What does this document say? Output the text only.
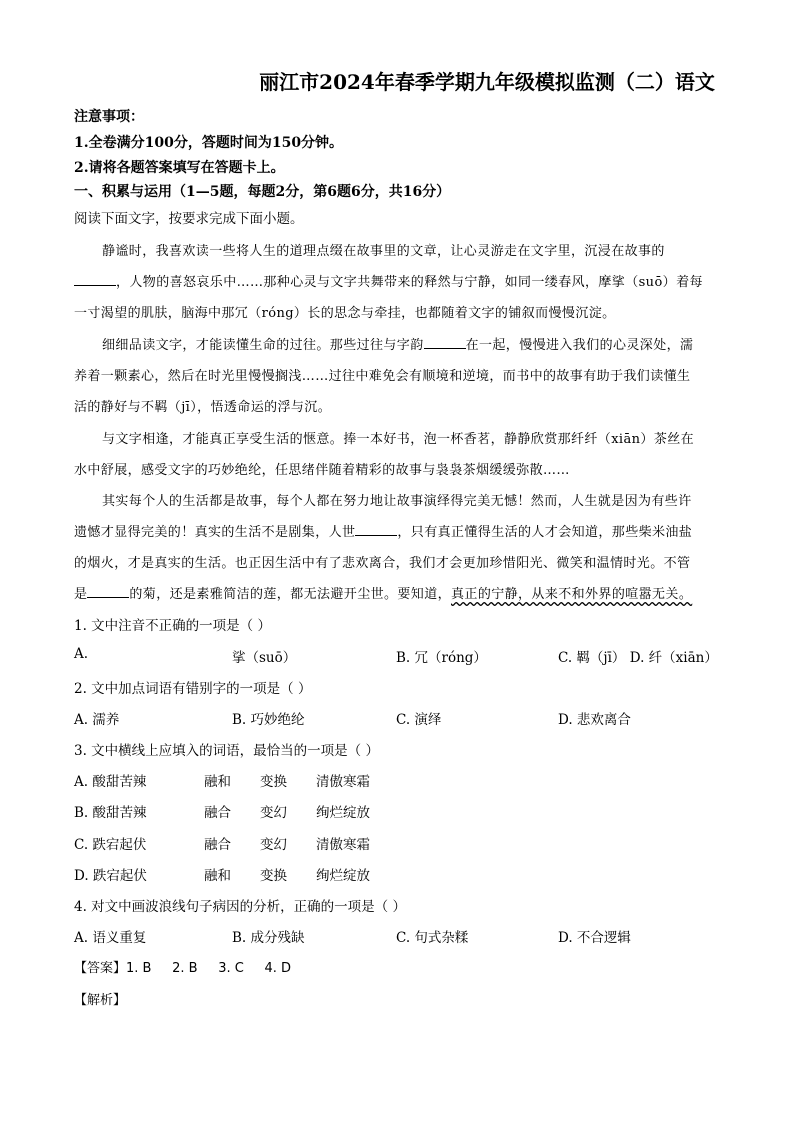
丽江市2024年春季学期九年级模拟监测（二）语文
注意事项：
1.全卷满分100分，答题时间为150分钟。
2.请将各题答案填写在答题卡上。
一、积累与运用（1—5题，每题2分，第6题6分，共16分）
阅读下面文字，按要求完成下面小题。
静谧时，我喜欢读一些将人生的道理点缀在故事里的文章，让心灵游走在文字里，沉浸在故事的
，人物的喜怒哀乐中……那种心灵与文字共舞带来的释然与宁静，如同一缕春风，摩挲（suō）着每
一寸渴望的肌肤，脑海中那冗（róng）长的思念与牵挂，也都随着文字的铺叙而慢慢沉淀。
细细品读文字，才能读懂生命的过往。那些过往与字韵	在一起，慢慢进入我们的心灵深处，濡
养着一颗素心，然后在时光里慢慢搁浅……过往中难免会有顺境和逆境，而书中的故事有助于我们读懂生
活的静好与不羁（jī），悟透命运的浮与沉。
与文字相逢，才能真正享受生活的惬意。捧一本好书，泡一杯香茗，静静欣赏那纤纤（xiān）茶丝在
水中舒展，感受文字的巧妙绝纶，任思绪伴随着精彩的故事与袅袅茶烟缓缓弥散……
其实每个人的生活都是故事，每个人都在努力地让故事演绎得完美无憾！然而，人生就是因为有些许
遗憾才显得完美的！真实的生活不是剧集，人世	，只有真正懂得生活的人才会知道，那些柴米油盐
的烟火，才是真实的生活。也正因生活中有了悲欢离合，我们才会更加珍惜阳光、微笑和温情时光。不管
是	的菊，还是素雅简洁的莲，都无法避开尘世。要知道，真正的宁静，从来不和外界的喧嚣无关。
1. 文中注音不正确的一项是（ ）
A.	挲（suō）	B. 冗（róng）	C. 羁（jī） D. 纤（xiān）
2. 文中加点词语有错别字的一项是（ ）
A. 濡养	B. 巧妙绝纶	C. 演绎	D. 悲欢离合
3. 文中横线上应填入的词语，最恰当的一项是（ ）
A. 酸甜苦辣	融和 变换 清傲寒霜
B. 酸甜苦辣	融合 变幻 绚烂绽放
C. 跌宕起伏	融合 变幻 清傲寒霜
D. 跌宕起伏	融和 变换 绚烂绽放
4. 对文中画波浪线句子病因的分析，正确的一项是（ ）
A. 语义重复	B. 成分残缺	C. 句式杂糅	D. 不合逻辑
【答案】1. B     2. B     3. C     4. D
【解析】
